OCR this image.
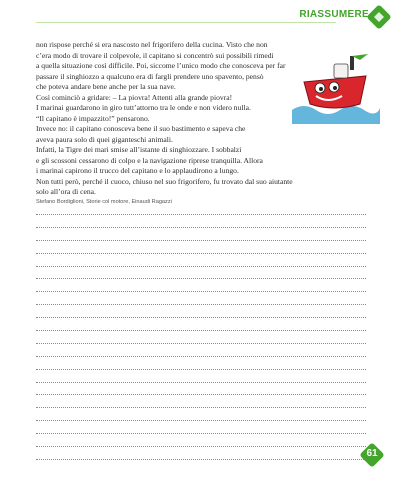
RIASSUMERE

non rispose perché si era nascosto nel frigorifero della cucina. Visto che non

c’era modo di trovare il colpevole, il capitano si concentrò sui possibili rimedi

a quella situazione così difficile. Poi, siccome l’unico modo che conosceva per far

passare il singhiozzo a qualcuno era di fargli prendere uno spavento, pensò

che poteva andare bene anche per la sua nave.

Così cominciò a gridare: – La piovra! Attenti alla grande piovra!

I marinai guardarono in giro tutt’attorno tra le onde e non videro nulla.

“Il capitano è impazzito!” pensarono.

Invece no: il capitano conosceva bene il suo bastimento e sapeva che

aveva paura solo di quei giganteschi animali.

Infatti, la Tigre dei mari smise all’istante di singhiozzare. I sobbalzi

e gli scossoni cessarono di colpo e la navigazione riprese tranquilla. Allora

i marinai capirono il trucco del capitano e lo applaudirono a lungo.

Non tutti però, perché il cuoco, chiuso nel suo frigorifero, fu trovato dal suo aiutante

solo all’ora di cena.

Stefano Bordiglioni, Storie col motore, Einaudi Ragazzi
61
